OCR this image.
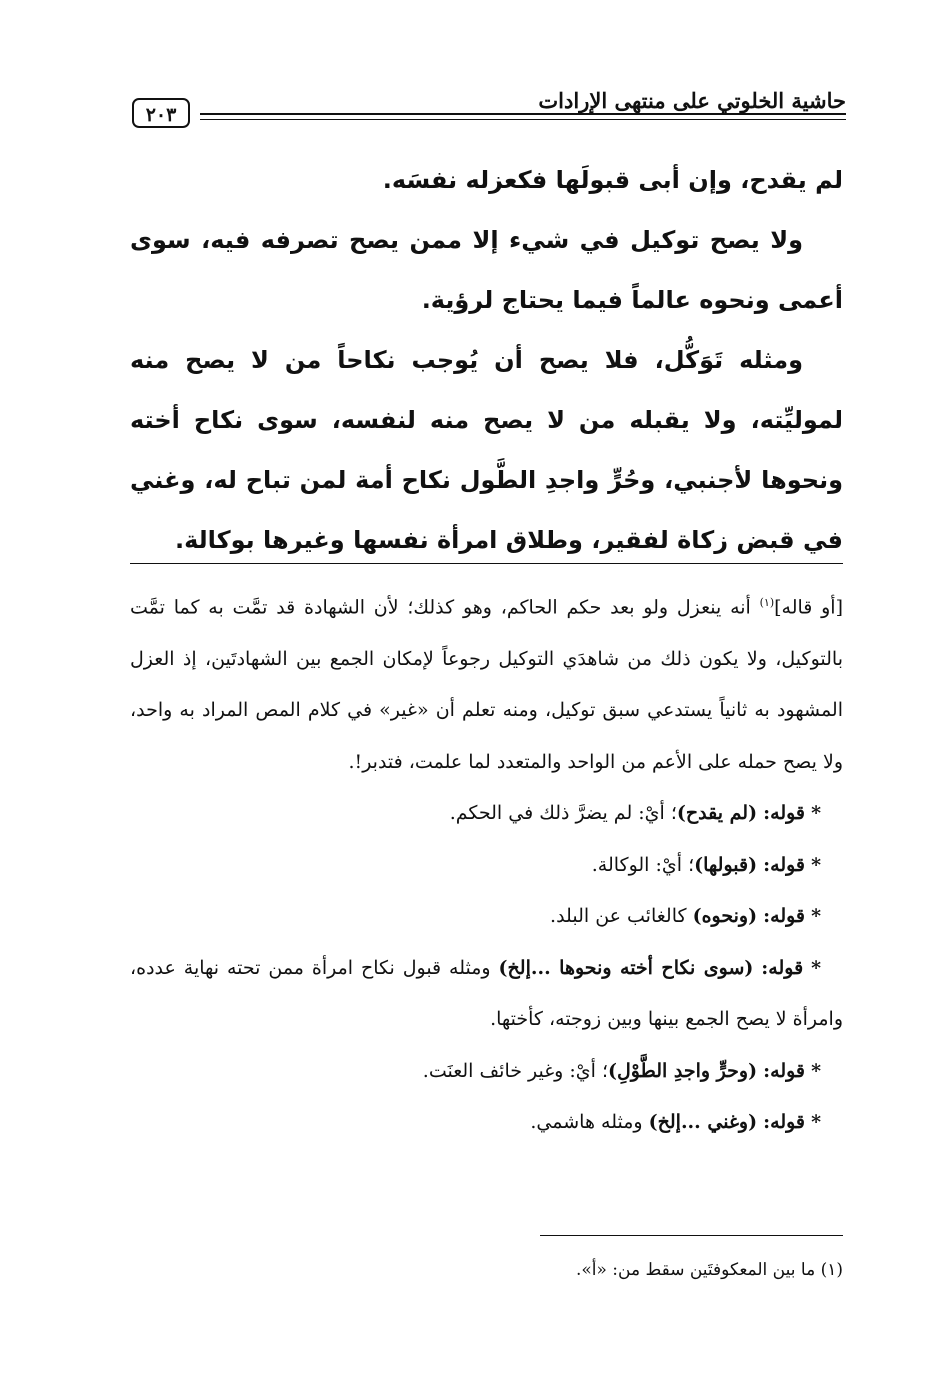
حاشية الخلوتي على منتهى الإرادات
٢٠٣

لم يقدح، وإن أبى قبولَها فكعزله نفسَه.

ولا يصح توكيل في شيء إلا ممن يصح تصرفه فيه، سوى أعمى ونحوه عالماً فيما يحتاج لرؤية.

ومثله تَوَكُّل، فلا يصح أن يُوجب نكاحاً من لا يصح منه لموليِّته، ولا يقبله من لا يصح منه لنفسه، سوى نكاح أخته ونحوها لأجنبي، وحُرٍّ واجدِ الطَّول نكاح أمة لمن تباح له، وغني في قبض زكاة لفقير، وطلاق امرأة نفسها وغيرها بوكالة.

[أو قاله]$^{(١)}$ أنه ينعزل ولو بعد حكم الحاكم، وهو كذلك؛ لأن الشهادة قد تمَّت به كما تمَّت بالتوكيل، ولا يكون ذلك من شاهدَي التوكيل رجوعاً لإمكان الجمع بين الشهادتَين، إذ العزل المشهود به ثانياً يستدعي سبق توكيل، ومنه تعلم أن «غير» في كلام المص المراد به واحد، ولا يصح حمله على الأعم من الواحد والمتعدد لما علمت، فتدبر!.

* قوله: (لم يقدح)؛ أيْ: لم يضرَّ ذلك في الحكم.

* قوله: (قبولها)؛ أيْ: الوكالة.

* قوله: (ونحوه) كالغائب عن البلد.

* قوله: (سوى نكاح أخته ونحوها ...إلخ) ومثله قبول نكاح امرأة ممن تحته نهاية عدده، وامرأة لا يصح الجمع بينها وبين زوجته، كأختها.

* قوله: (وحرٍّ واجدِ الطَّوْلِ)؛ أيْ: وغير خائف العنَت.

* قوله: (وغني ...إلخ) ومثله هاشمي.

(١) ما بين المعكوفتَين سقط من: «أ».
